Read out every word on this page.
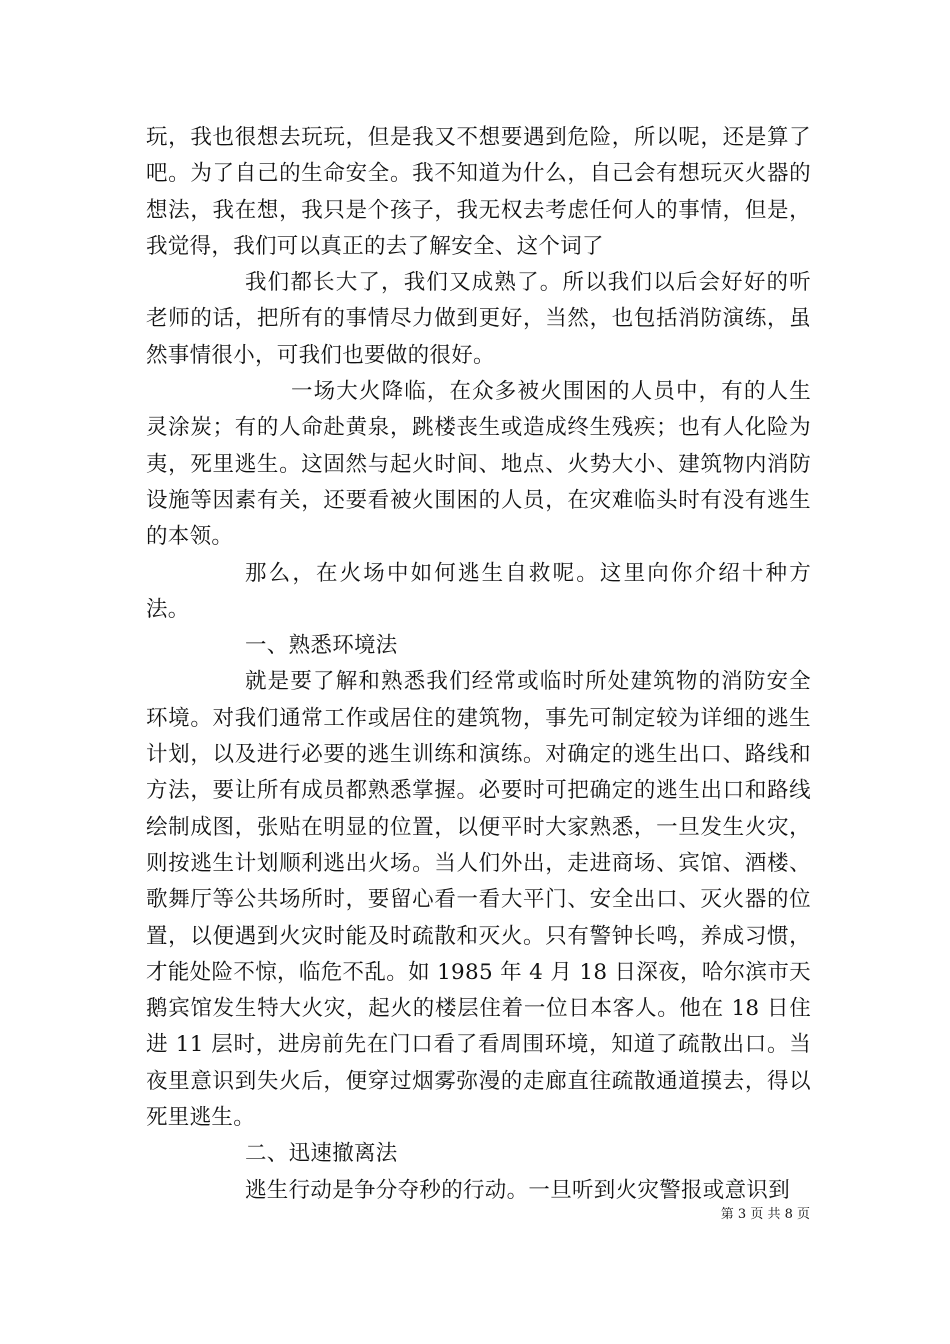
玩，我也很想去玩玩，但是我又不想要遇到危险，所以呢，还是算了吧。为了自己的生命安全。我不知道为什么，自己会有想玩灭火器的想法，我在想，我只是个孩子，我无权去考虑任何人的事情，但是，我觉得，我们可以真正的去了解安全、这个词了

我们都长大了，我们又成熟了。所以我们以后会好好的听老师的话，把所有的事情尽力做到更好，当然，也包括消防演练，虽然事情很小，可我们也要做的很好。

一场大火降临，在众多被火围困的人员中，有的人生灵涂炭；有的人命赴黄泉，跳楼丧生或造成终生残疾；也有人化险为夷，死里逃生。这固然与起火时间、地点、火势大小、建筑物内消防设施等因素有关，还要看被火围困的人员，在灾难临头时有没有逃生的本领。

那么，在火场中如何逃生自救呢。这里向你介绍十种方法。

一、熟悉环境法

就是要了解和熟悉我们经常或临时所处建筑物的消防安全环境。对我们通常工作或居住的建筑物，事先可制定较为详细的逃生计划，以及进行必要的逃生训练和演练。对确定的逃生出口、路线和方法，要让所有成员都熟悉掌握。必要时可把确定的逃生出口和路线绘制成图，张贴在明显的位置，以便平时大家熟悉，一旦发生火灾，则按逃生计划顺利逃出火场。当人们外出，走进商场、宾馆、酒楼、歌舞厅等公共场所时，要留心看一看大平门、安全出口、灭火器的位置，以便遇到火灾时能及时疏散和灭火。只有警钟长鸣，养成习惯，才能处险不惊，临危不乱。如 1985 年 4 月 18 日深夜，哈尔滨市天鹅宾馆发生特大火灾，起火的楼层住着一位日本客人。他在 18 日住进 11 层时，进房前先在门口看了看周围环境，知道了疏散出口。当夜里意识到失火后，便穿过烟雾弥漫的走廊直往疏散通道摸去，得以死里逃生。

二、迅速撤离法

逃生行动是争分夺秒的行动。一旦听到火灾警报或意识到

第 3 页 共 8 页
